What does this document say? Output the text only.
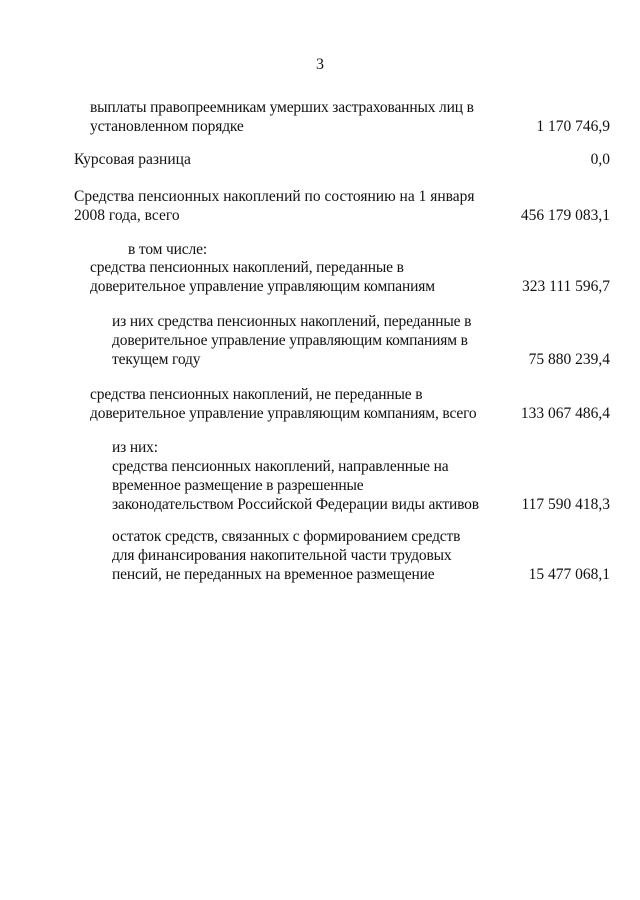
3
выплаты правопреемникам умерших застрахованных лиц в
установленном порядке	1 170 746,9
Курсовая разница	0,0
Средства пенсионных накоплений по состоянию на 1 января
2008 года, всего	456 179 083,1
в том числе:
средства пенсионных накоплений, переданные в
доверительное управление управляющим компаниям	323 111 596,7
из них средства пенсионных накоплений, переданные в
доверительное управление управляющим компаниям в
текущем году	75 880 239,4
средства пенсионных накоплений, не переданные в
доверительное управление управляющим компаниям, всего	133 067 486,4
из них:
средства пенсионных накоплений, направленные на
временное размещение в разрешенные
законодательством Российской Федерации виды активов	117 590 418,3
остаток средств, связанных с формированием средств
для финансирования накопительной части трудовых
пенсий, не переданных на временное размещение	15 477 068,1
